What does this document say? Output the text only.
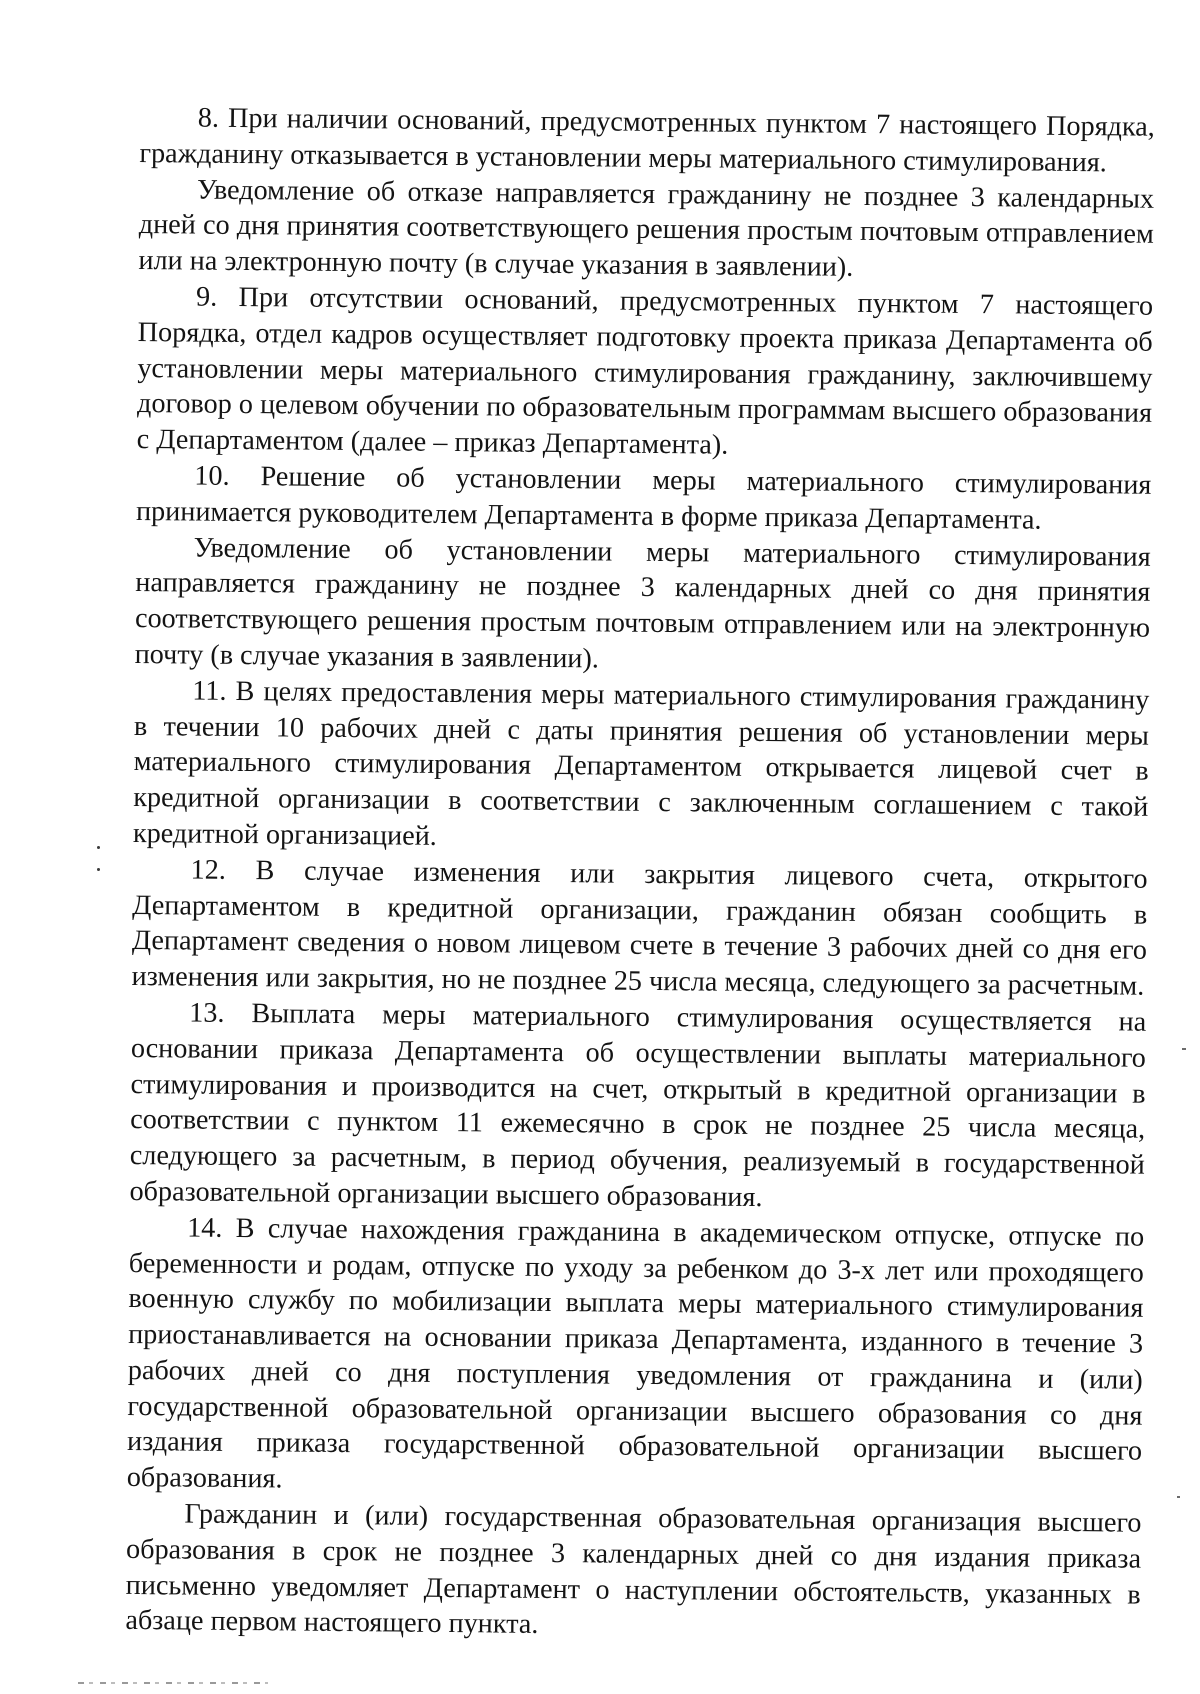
8. При наличии оснований, предусмотренных пунктом 7 настоящего Порядка, гражданину отказывается в установлении меры материального стимулирования.

Уведомление об отказе направляется гражданину не позднее 3 календарных дней со дня принятия соответствующего решения простым почтовым отправлением или на электронную почту (в случае указания в заявлении).

9. При отсутствии оснований, предусмотренных пунктом 7 настоящего Порядка, отдел кадров осуществляет подготовку проекта приказа Департамента об установлении меры материального стимулирования гражданину, заключившему договор о целевом обучении по образовательным программам высшего образования с Департаментом (далее – приказ Департамента).

10. Решение об установлении меры материального стимулирования принимается руководителем Департамента в форме приказа Департамента.

Уведомление об установлении меры материального стимулирования направляется гражданину не позднее 3 календарных дней со дня принятия соответствующего решения простым почтовым отправлением или на электронную почту (в случае указания в заявлении).

11. В целях предоставления меры материального стимулирования гражданину в течении 10 рабочих дней с даты принятия решения об установлении меры материального стимулирования Департаментом открывается лицевой счет в кредитной организации в соответствии с заключенным соглашением с такой кредитной организацией.

12. В случае изменения или закрытия лицевого счета, открытого Департаментом в кредитной организации, гражданин обязан сообщить в Департамент сведения о новом лицевом счете в течение 3 рабочих дней со дня его изменения или закрытия, но не позднее 25 числа месяца, следующего за расчетным.

13. Выплата меры материального стимулирования осуществляется на основании приказа Департамента об осуществлении выплаты материального стимулирования и производится на счет, открытый в кредитной организации в соответствии с пунктом 11 ежемесячно в срок не позднее 25 числа месяца, следующего за расчетным, в период обучения, реализуемый в государственной образовательной организации высшего образования.

14. В случае нахождения гражданина в академическом отпуске, отпуске по беременности и родам, отпуске по уходу за ребенком до 3-х лет или проходящего военную службу по мобилизации выплата меры материального стимулирования приостанавливается на основании приказа Департамента, изданного в течение 3 рабочих дней со дня поступления уведомления от гражданина и (или) государственной образовательной организации высшего образования со дня издания приказа государственной образовательной организации высшего образования.

Гражданин и (или) государственная образовательная организация высшего образования в срок не позднее 3 календарных дней со дня издания приказа письменно уведомляет Департамент о наступлении обстоятельств, указанных в абзаце первом настоящего пункта.
